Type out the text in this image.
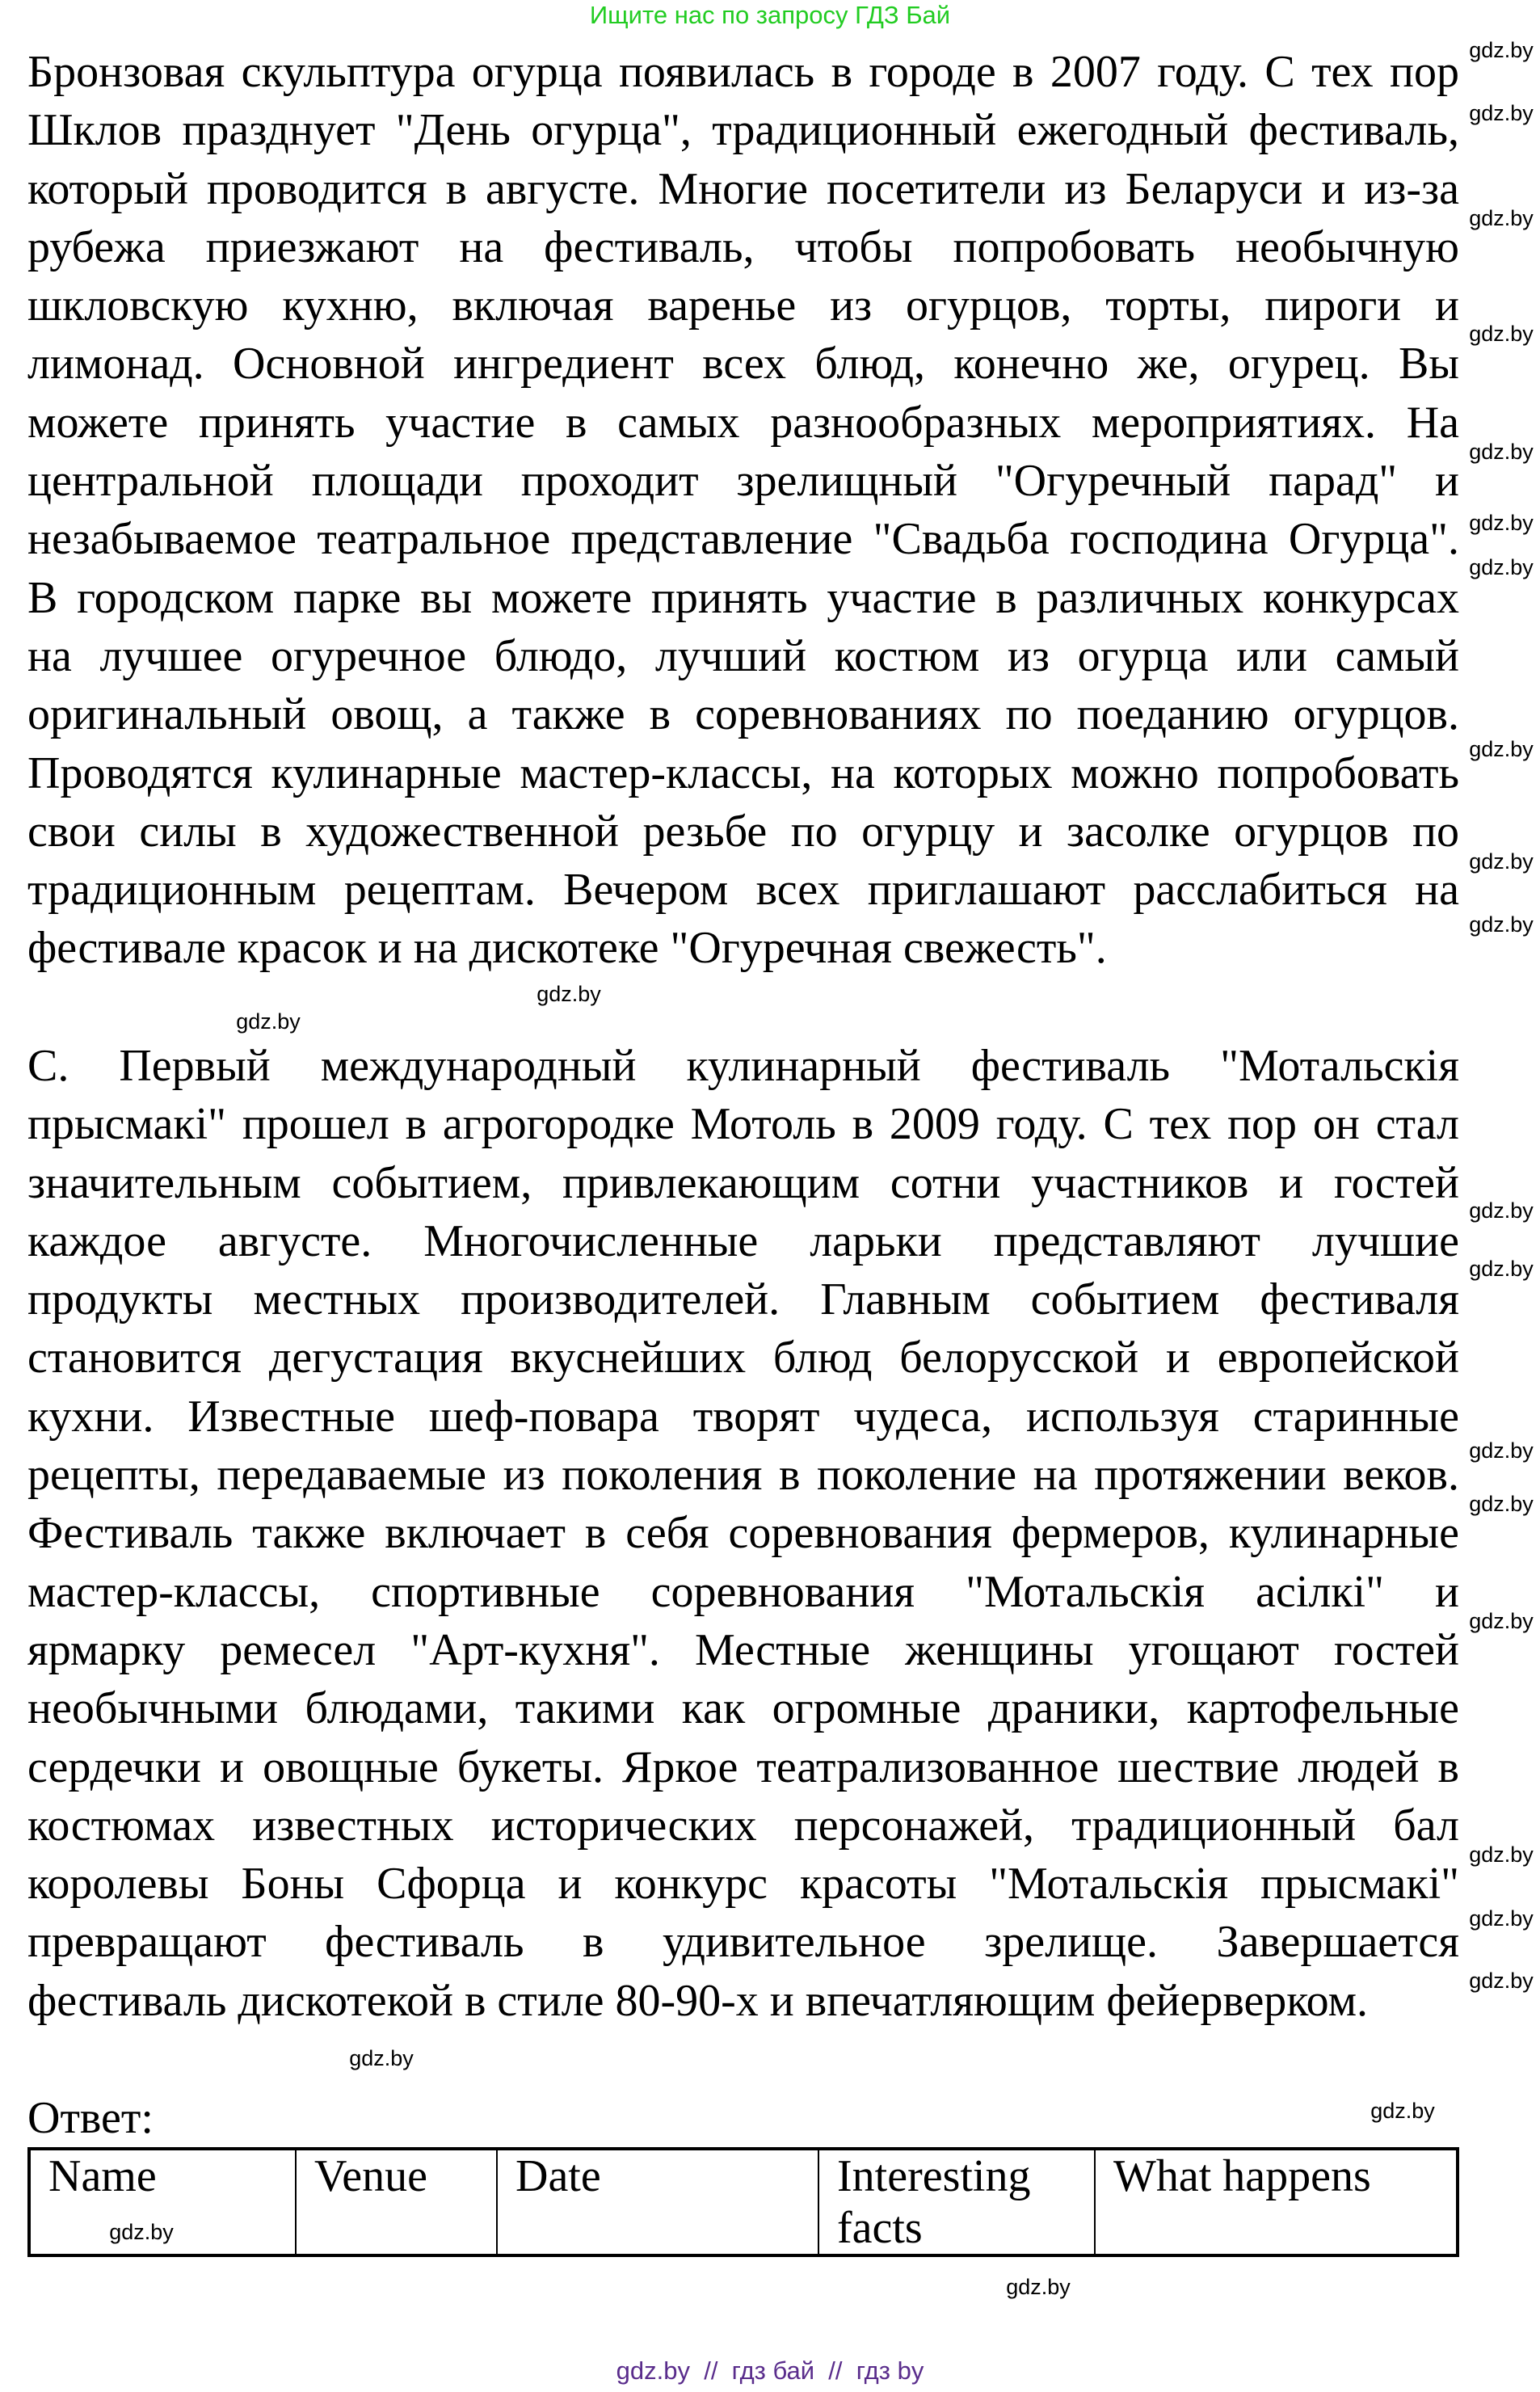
Ищите нас по запросу ГДЗ Бай
Бронзовая скульптура огурца появилась в городе в 2007 году. С тех пор
Шклов празднует "День огурца", традиционный ежегодный фестиваль,
который проводится в августе. Многие посетители из Беларуси и из-за
рубежа приезжают на фестиваль, чтобы попробовать необычную
шкловскую кухню, включая варенье из огурцов, торты, пироги и
лимонад. Основной ингредиент всех блюд, конечно же, огурец. Вы
можете принять участие в самых разнообразных мероприятиях. На
центральной площади проходит зрелищный "Огуречный парад" и
незабываемое театральное представление "Свадьба господина Огурца".
В городском парке вы можете принять участие в различных конкурсах
на лучшее огуречное блюдо, лучший костюм из огурца или самый
оригинальный овощ, а также в соревнованиях по поеданию огурцов.
Проводятся кулинарные мастер-классы, на которых можно попробовать
свои силы в художественной резьбе по огурцу и засолке огурцов по
традиционным рецептам. Вечером всех приглашают расслабиться на
фестивале красок и на дискотеке "Огуречная свежесть".
С. Первый международный кулинарный фестиваль "Мотальскія
прысмакі" прошел в агрогородке Мотоль в 2009 году. С тех пор он стал
значительным событием, привлекающим сотни участников и гостей
каждое августе. Многочисленные ларьки представляют лучшие
продукты местных производителей. Главным событием фестиваля
становится дегустация вкуснейших блюд белорусской и европейской
кухни. Известные шеф-повара творят чудеса, используя старинные
рецепты, передаваемые из поколения в поколение на протяжении веков.
Фестиваль также включает в себя соревнования фермеров, кулинарные
мастер-классы, спортивные соревнования "Мотальскія асілкі" и
ярмарку ремесел "Арт-кухня". Местные женщины угощают гостей
необычными блюдами, такими как огромные драники, картофельные
сердечки и овощные букеты. Яркое театрализованное шествие людей в
костюмах известных исторических персонажей, традиционный бал
королевы Боны Сфорца и конкурс красоты "Мотальскія прысмакі"
превращают фестиваль в удивительное зрелище. Завершается
фестиваль дискотекой в стиле 80-90-х и впечатляющим фейерверком.
Ответ:
Name	Venue	Date	Interesting facts	What happens
gdz.by
gdz.by
gdz.by
gdz.by
gdz.by
gdz.by
gdz.by
gdz.by
gdz.by
gdz.by
gdz.by
gdz.by
gdz.by
gdz.by
gdz.by
gdz.by
gdz.by
gdz.by
gdz.by
gdz.by
gdz.by
gdz.by
gdz.by
gdz.by
gdz.by  //  гдз бай  //  гдз by
